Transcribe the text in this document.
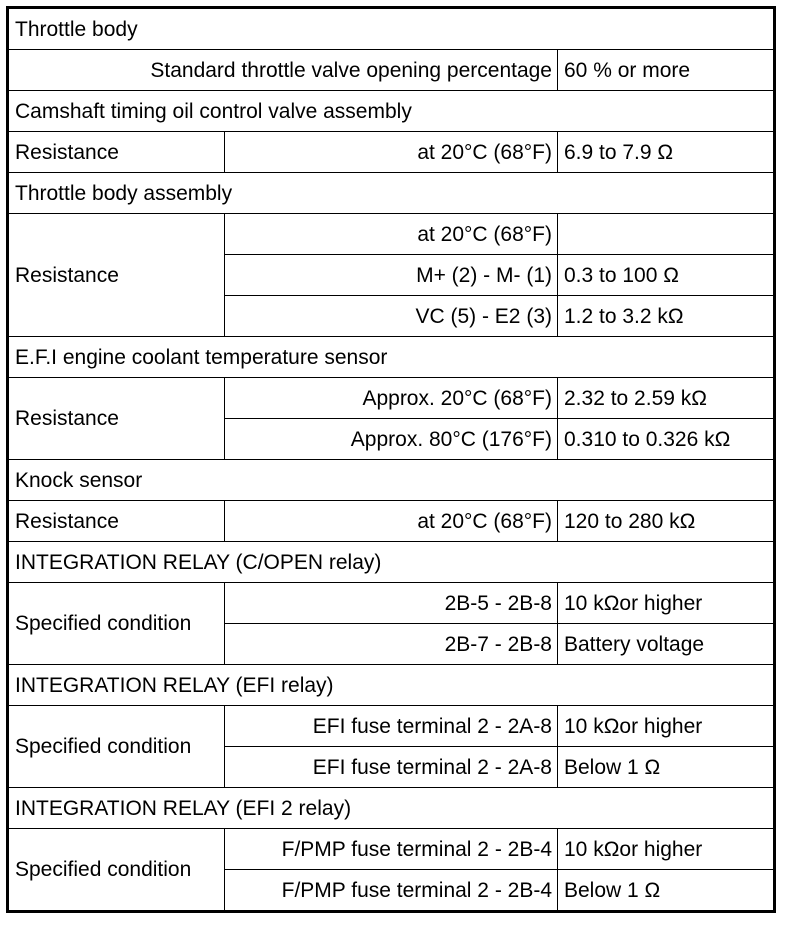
Throttle body		
Standard throttle valve opening percentage		60 % or more
Camshaft timing oil control valve assembly		
Resistance	at 20°C (68°F)	6.9 to 7.9 Ω
Throttle body assembly		
Resistance	at 20°C (68°F)	
	M+ (2) - M- (1)	0.3 to 100 Ω
	VC (5) - E2 (3)	1.2 to 3.2 kΩ
E.F.I engine coolant temperature sensor		
Resistance	Approx. 20°C (68°F)	2.32 to 2.59 kΩ
	Approx. 80°C (176°F)	0.310 to 0.326 kΩ
Knock sensor		
Resistance	at 20°C (68°F)	120 to 280 kΩ
INTEGRATION RELAY (C/OPEN relay)		
Specified condition	2B-5 - 2B-8	10 kΩor higher
	2B-7 - 2B-8	Battery voltage
INTEGRATION RELAY (EFI relay)		
Specified condition	EFI fuse terminal 2 - 2A-8	10 kΩor higher
	EFI fuse terminal 2 - 2A-8	Below 1 Ω
INTEGRATION RELAY (EFI 2 relay)		
Specified condition	F/PMP fuse terminal 2 - 2B-4	10 kΩor higher
	F/PMP fuse terminal 2 - 2B-4	Below 1 Ω
